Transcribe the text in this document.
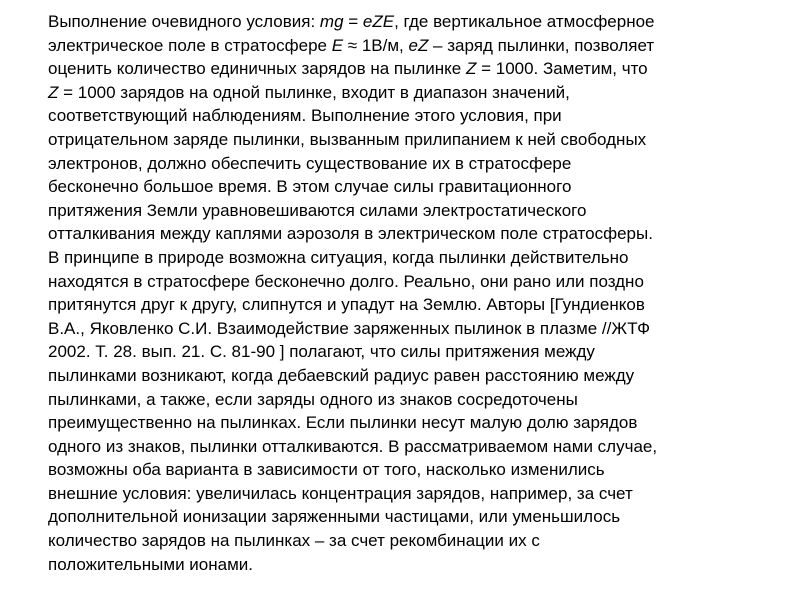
Выполнение очевидного условия: mg = eZE, где вертикальное атмосферное
электрическое поле в стратосфере E ≈ 1В/м, eZ – заряд пылинки, позволяет
оценить количество единичных зарядов на пылинке Z = 1000. Заметим, что
Z = 1000 зарядов на одной пылинке, входит в диапазон значений,
соответствующий наблюдениям. Выполнение этого условия, при
отрицательном заряде пылинки, вызванным прилипанием к ней свободных
электронов, должно обеспечить существование их в стратосфере
бесконечно большое время. В этом случае силы гравитационного
притяжения Земли уравновешиваются силами электростатического
отталкивания между каплями аэрозоля в электрическом поле стратосферы.
В принципе в природе возможна ситуация, когда пылинки действительно
находятся в стратосфере бесконечно долго. Реально, они рано или поздно
притянутся друг к другу, слипнутся и упадут на Землю. Авторы [Гундиенков
В.А., Яковленко С.И. Взаимодействие заряженных пылинок в плазме //ЖТФ
2002. Т. 28. вып. 21. С. 81-90 ] полагают, что силы притяжения между
пылинками возникают, когда дебаевский радиус равен расстоянию между
пылинками, а также, если заряды одного из знаков сосредоточены
преимущественно на пылинках. Если пылинки несут малую долю зарядов
одного из знаков, пылинки отталкиваются. В рассматриваемом нами случае,
возможны оба варианта в зависимости от того, насколько изменились
внешние условия: увеличилась концентрация зарядов, например, за счет
дополнительной ионизации заряженными частицами, или уменьшилось
количество зарядов на пылинках – за счет рекомбинации их с
положительными ионами.
